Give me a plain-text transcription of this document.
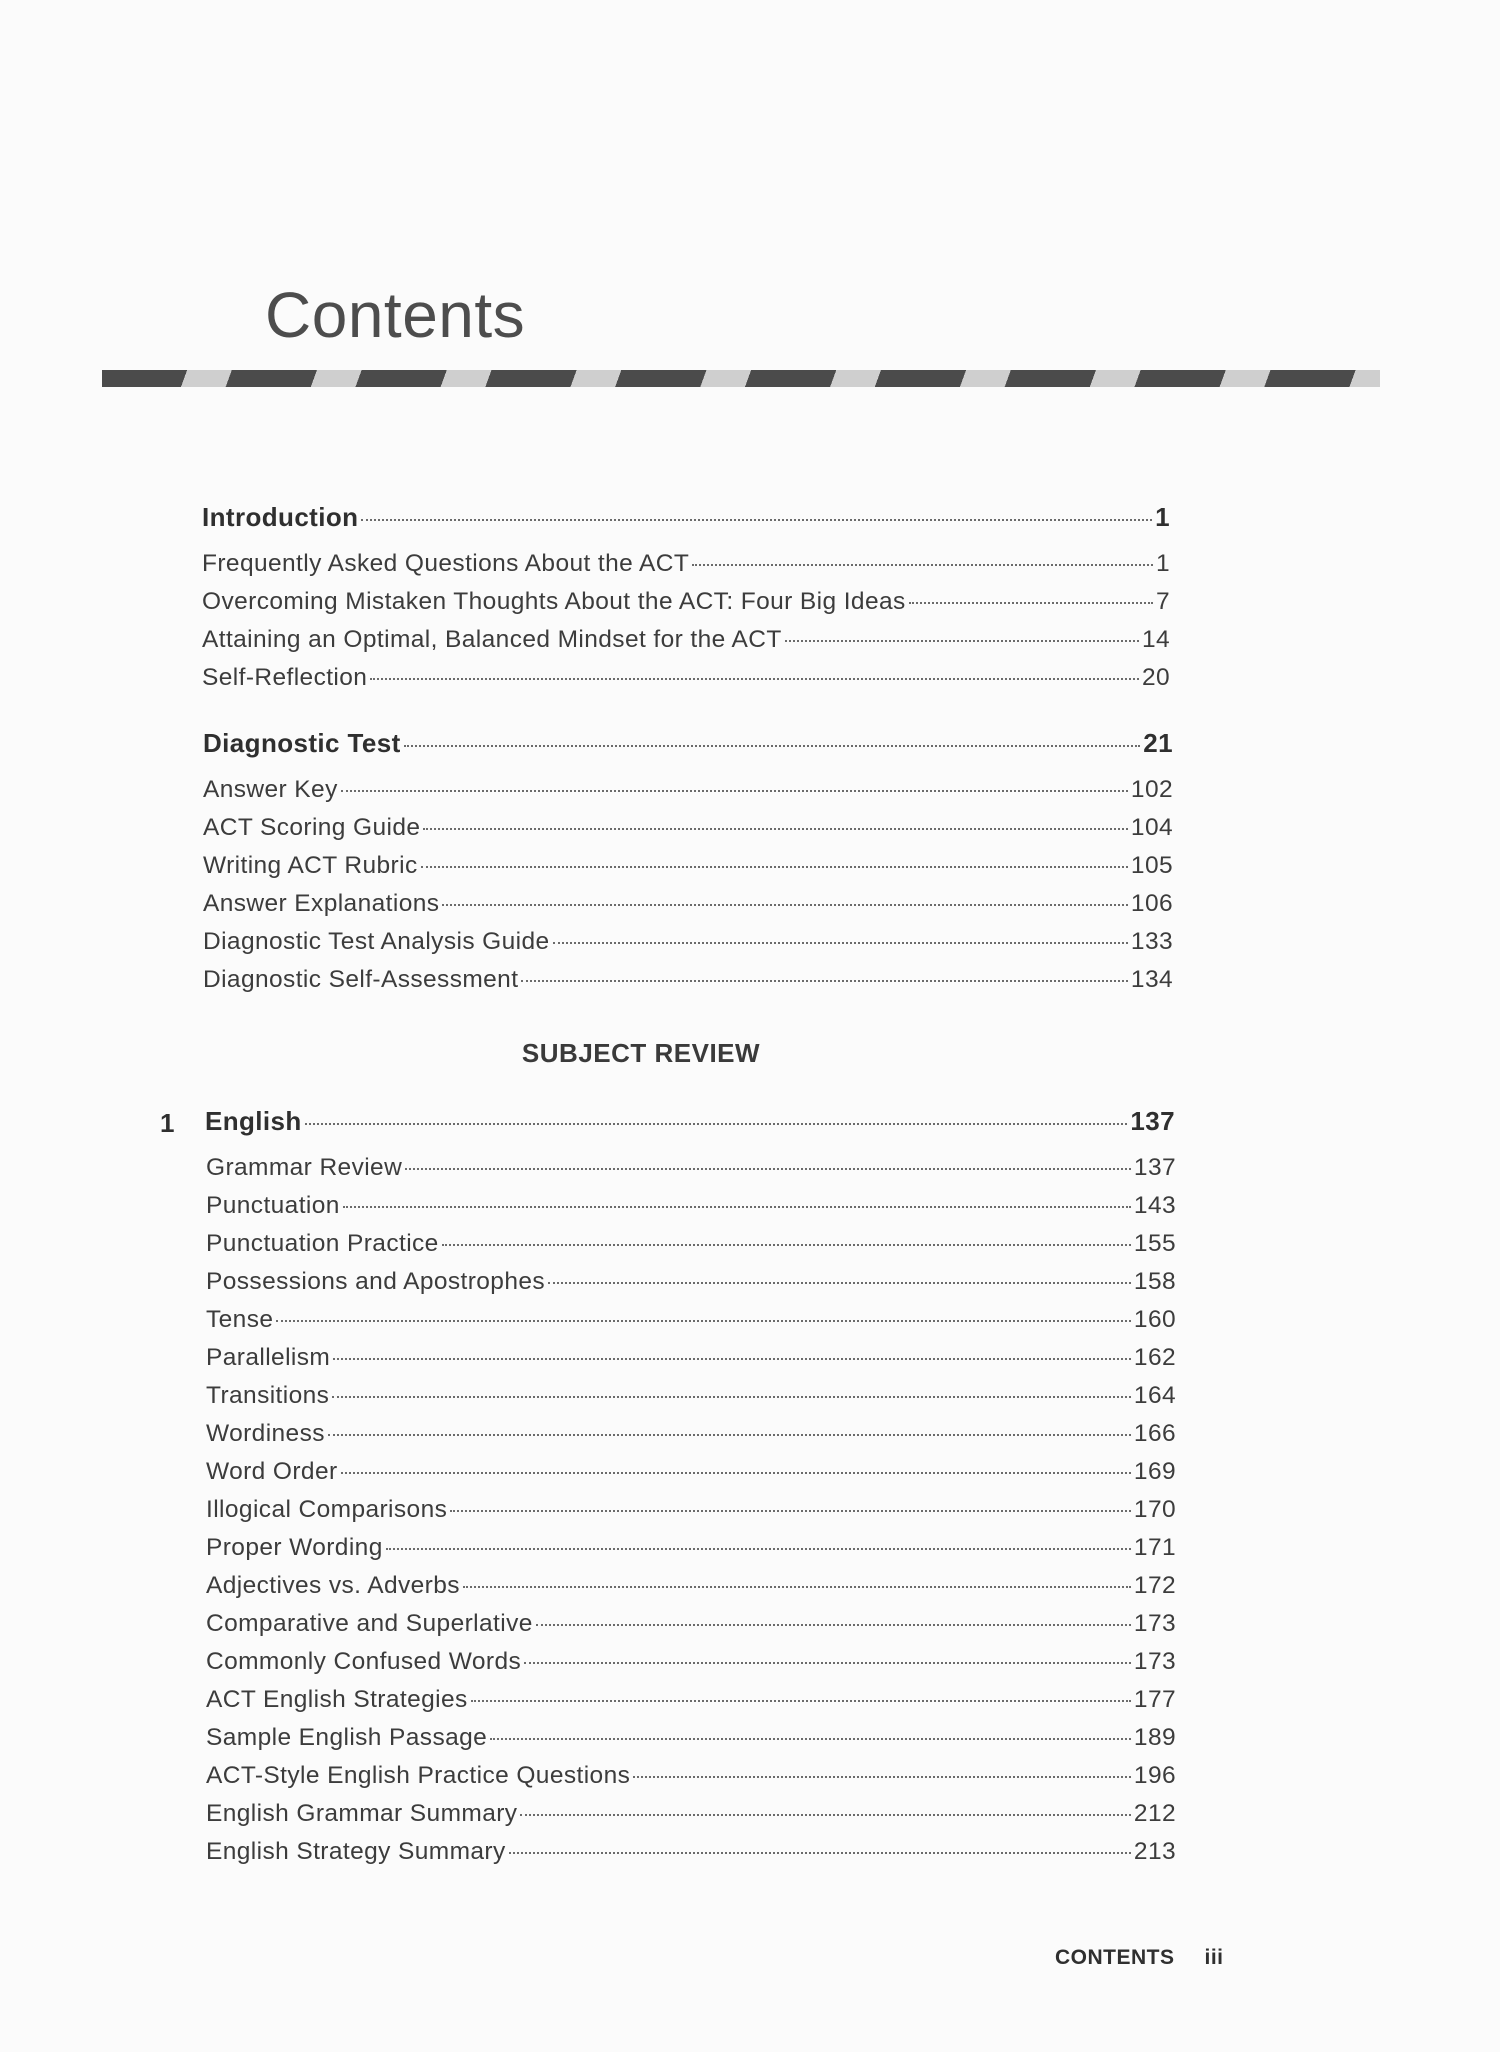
Contents
Introduction	1
Frequently Asked Questions About the ACT	1
Overcoming Mistaken Thoughts About the ACT: Four Big Ideas	7
Attaining an Optimal, Balanced Mindset for the ACT	14
Self-Reflection	20
Diagnostic Test	21
Answer Key	102
ACT Scoring Guide	104
Writing ACT Rubric	105
Answer Explanations	106
Diagnostic Test Analysis Guide	133
Diagnostic Self-Assessment	134
SUBJECT REVIEW
1 English	137
Grammar Review	137
Punctuation	143
Punctuation Practice	155
Possessions and Apostrophes	158
Tense	160
Parallelism	162
Transitions	164
Wordiness	166
Word Order	169
Illogical Comparisons	170
Proper Wording	171
Adjectives vs. Adverbs	172
Comparative and Superlative	173
Commonly Confused Words	173
ACT English Strategies	177
Sample English Passage	189
ACT-Style English Practice Questions	196
English Grammar Summary	212
English Strategy Summary	213
CONTENTS iii
